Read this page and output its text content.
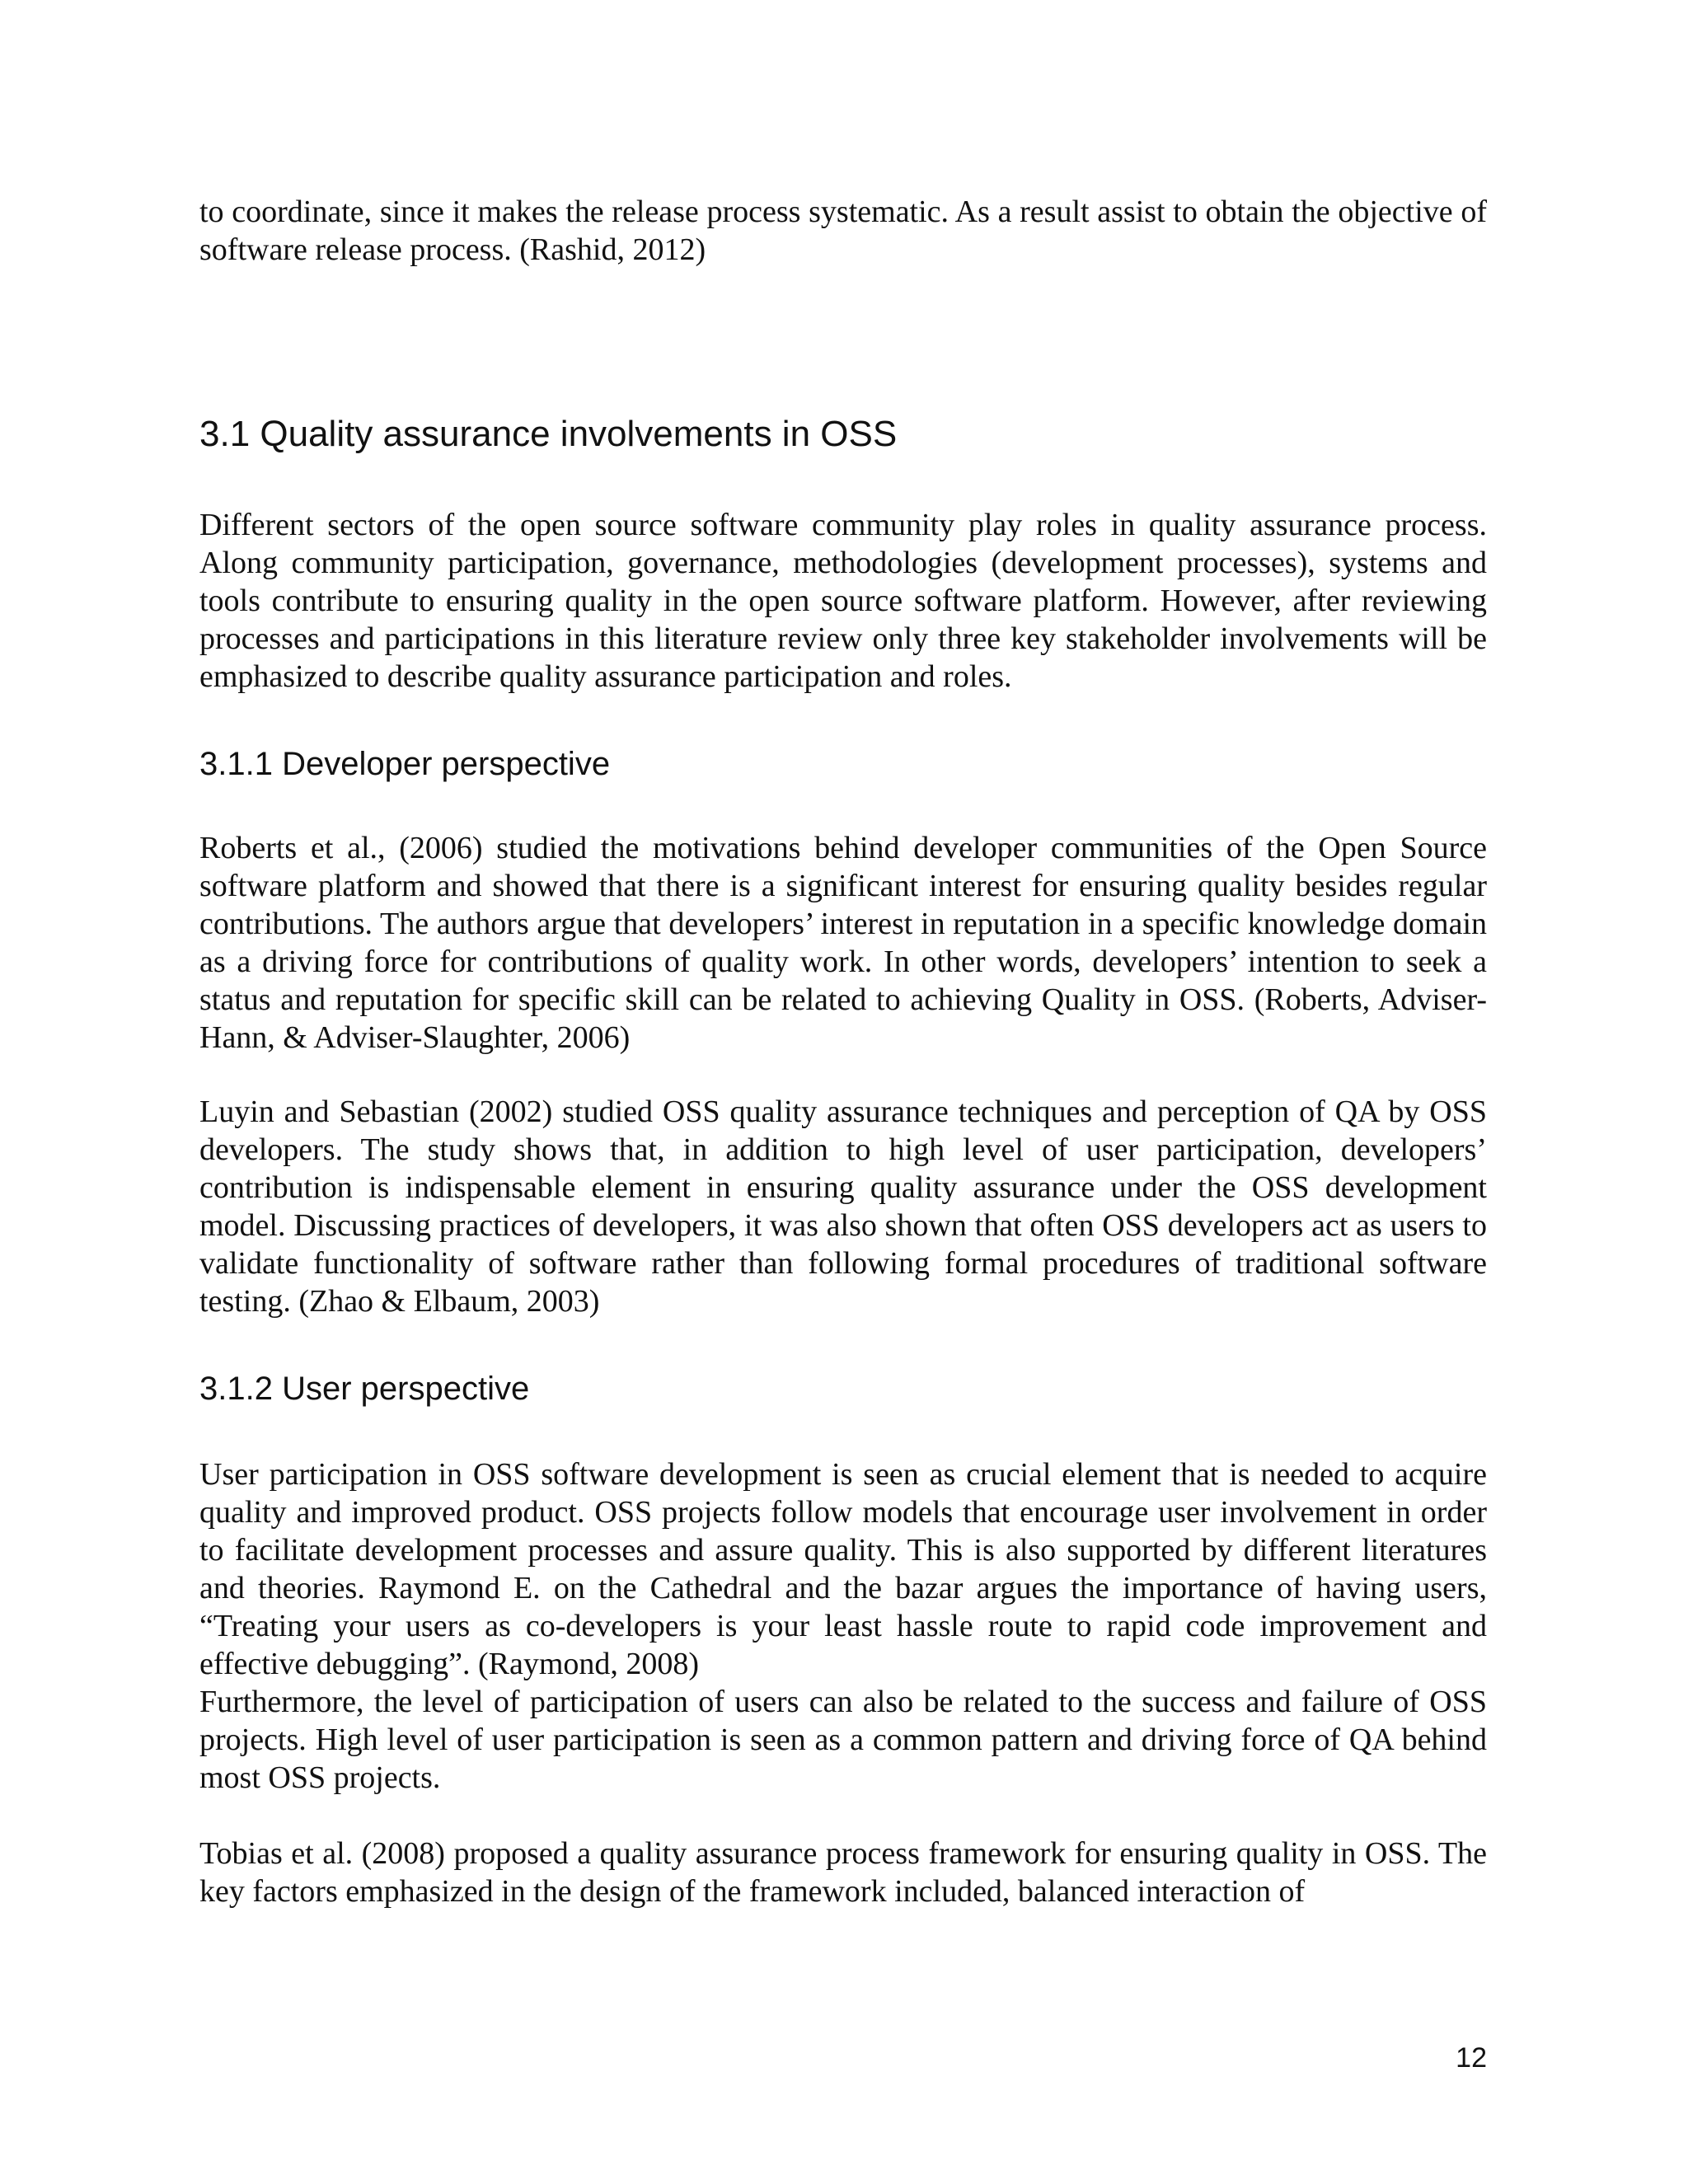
to coordinate, since it makes the release process systematic. As a result assist to obtain the objective of software release process. (Rashid, 2012)

3.1 Quality assurance involvements in OSS

Different sectors of the open source software community play roles in quality assurance process. Along community participation, governance, methodologies (development processes), systems and tools contribute to ensuring quality in the open source software platform. However, after reviewing processes and participations in this literature review only three key stakeholder involvements will be emphasized to describe quality assurance participation and roles.

3.1.1 Developer perspective

Roberts et al., (2006) studied the motivations behind developer communities of the Open Source software platform and showed that there is a significant interest for ensuring quality besides regular contributions. The authors argue that developers’ interest in reputation in a specific knowledge domain as a driving force for contributions of quality work. In other words, developers’ intention to seek a status and reputation for specific skill can be related to achieving Quality in OSS. (Roberts, Adviser-Hann, & Adviser-Slaughter, 2006)

Luyin and Sebastian (2002) studied OSS quality assurance techniques and perception of QA by OSS developers. The study shows that, in addition to high level of user participation, developers’ contribution is indispensable element in ensuring quality assurance under the OSS development model. Discussing practices of developers, it was also shown that often OSS developers act as users to validate functionality of software rather than following formal procedures of traditional software testing. (Zhao & Elbaum, 2003)

3.1.2 User perspective

User participation in OSS software development is seen as crucial element that is needed to acquire quality and improved product. OSS projects follow models that encourage user involvement in order to facilitate development processes and assure quality. This is also supported by different literatures and theories. Raymond E. on the Cathedral and the bazar argues the importance of having users, “Treating your users as co-developers is your least hassle route to rapid code improvement and effective debugging”. (Raymond, 2008)

Furthermore, the level of participation of users can also be related to the success and failure of OSS projects. High level of user participation is seen as a common pattern and driving force of QA behind most OSS projects.

Tobias et al. (2008) proposed a quality assurance process framework for ensuring quality in OSS. The key factors emphasized in the design of the framework included, balanced interaction of

12
